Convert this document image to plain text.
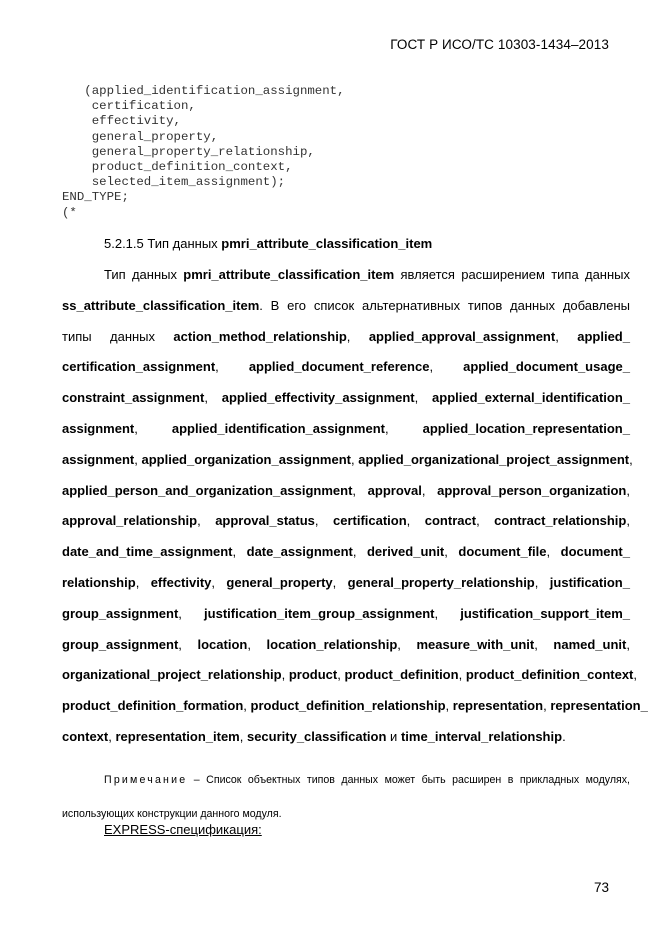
ГОСТ Р ИСО/ТС 10303-1434–2013
(applied_identification_assignment,
certification,
effectivity,
general_property,
general_property_relationship,
product_definition_context,
selected_item_assignment);
END_TYPE;
(*
5.2.1.5 Тип данных pmri_attribute_classification_item
Тип данных pmri_attribute_classification_item является расширением типа данных
ss_attribute_classification_item. В его список альтернативных типов данных добавлены
типы данных action_method_relationship, applied_approval_assignment, applied_
certification_assignment, applied_document_reference, applied_document_usage_
constraint_assignment, applied_effectivity_assignment, applied_external_identification_
assignment, applied_identification_assignment, applied_location_representation_
assignment, applied_organization_assignment, applied_organizational_project_assignment,
applied_person_and_organization_assignment, approval, approval_person_organization,
approval_relationship, approval_status, certification, contract, contract_relationship,
date_and_time_assignment, date_assignment, derived_unit, document_file, document_
relationship, effectivity, general_property, general_property_relationship, justification_
group_assignment, justification_item_group_assignment, justification_support_item_
group_assignment, location, location_relationship, measure_with_unit, named_unit,
organizational_project_relationship, product, product_definition, product_definition_context,
product_definition_formation, product_definition_relationship, representation, representation_
context, representation_item, security_classification и time_interval_relationship.
Примечание – Список объектных типов данных может быть расширен в прикладных модулях,
использующих конструкции данного модуля.
EXPRESS-спецификация:
73
